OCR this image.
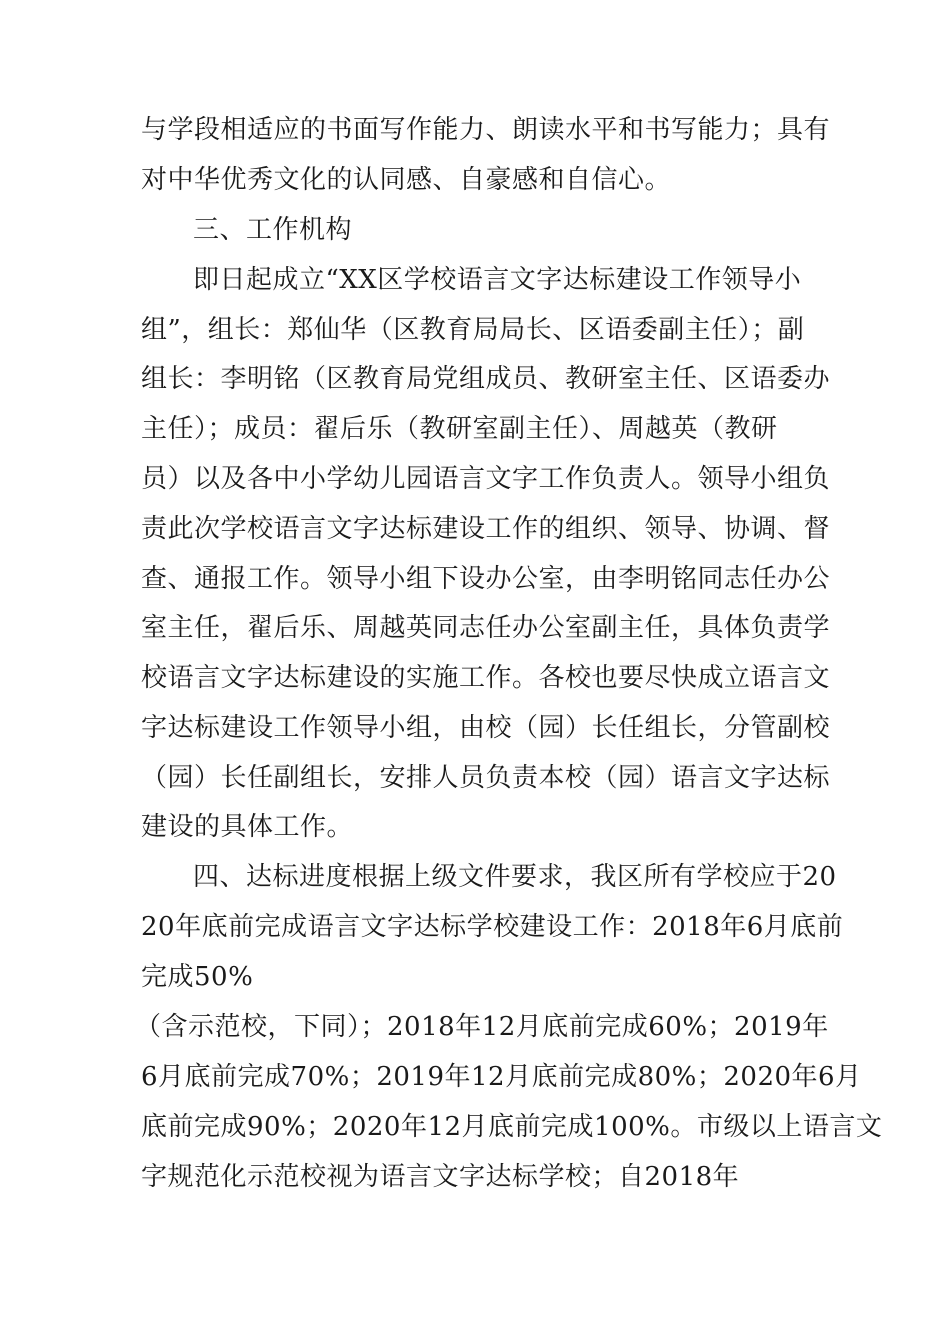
与学段相适应的书面写作能力、朗读水平和书写能力；具有
对中华优秀文化的认同感、自豪感和自信心。
三、工作机构
即日起成立“XX区学校语言文字达标建设工作领导小
组”，组长：郑仙华（区教育局局长、区语委副主任）；副
组长：李明铭（区教育局党组成员、教研室主任、区语委办
主任）；成员：翟后乐（教研室副主任）、周越英（教研
员）以及各中小学幼儿园语言文字工作负责人。领导小组负
责此次学校语言文字达标建设工作的组织、领导、协调、督
查、通报工作。领导小组下设办公室，由李明铭同志任办公
室主任，翟后乐、周越英同志任办公室副主任，具体负责学
校语言文字达标建设的实施工作。各校也要尽快成立语言文
字达标建设工作领导小组，由校（园）长任组长，分管副校
（园）长任副组长，安排人员负责本校（园）语言文字达标
建设的具体工作。
四、达标进度根据上级文件要求，我区所有学校应于20
20年底前完成语言文字达标学校建设工作：2018年6月底前
完成50%
（含示范校，下同）；2018年12月底前完成60%；2019年
6月底前完成70%；2019年12月底前完成80%；2020年6月
底前完成90%；2020年12月底前完成100%。市级以上语言文
字规范化示范校视为语言文字达标学校；自2018年
